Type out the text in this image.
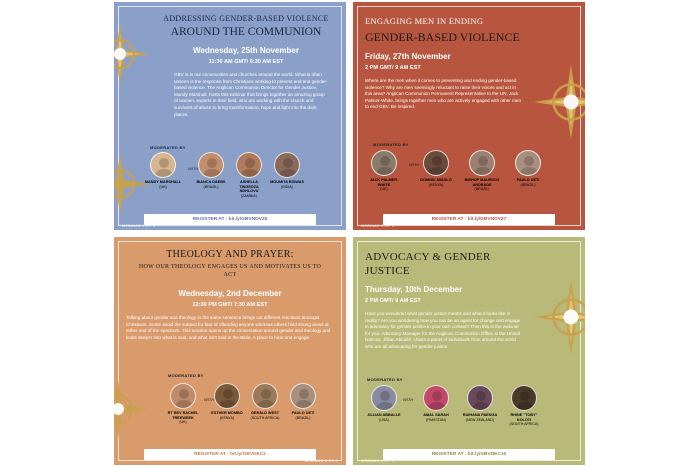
ADDRESSING GENDER-BASED VIOLENCE
AROUND THE COMMUNION
Wednesday, 25th November
11:30 AM GMT/ 6:30 AM EST
GBV is in our communities and churches around the world. What is often unseen is the response from Christians working to prevent and end gender-based violence. The Anglican Communion Director for Gender Justice, Mandy Marshall, hosts this webinar that brings together an amazing group of women, experts in their field, who are working with the church and survivors of abuse to bring transformation, hope and light into the dark places.
MODERATED BY
WITH
MANDY MARSHALL
(UK)
BIANCA DAEBS
(BRAZIL)
ASHELLA TINGEDZA NDHLOVU
(ZAMBIA)
MOUMITA BISWAS
(INDIA)
REGISTER AT : bit.ly/GBVNOV25
WEBINAR 1 OF 4
ENGAGING MEN IN ENDING
GENDER-BASED VIOLENCE
Friday, 27th November
2 PM GMT/ 9 AM EST
Where are the men when it comes to preventing and ending gender-based violence? Why are men seemingly reluctant to raise their voices and act in this area? Anglican Communion Permanent Representative to the UN, Jack Palmer-White, brings together men who are actively engaged with other men to end GBV. Be inspired.
MODERATED BY
WITH
JACK PALMER-WHITE
(UK)
DOMNIC MISOLO
(KENYA)
BISHOP MAURICIO ANDRADE
(BRAZIL)
PAULO UETI
(BRAZIL)
REGISTER AT : bit.ly/GBVNOV27
WEBINAR 2 OF 4
THEOLOGY AND PRAYER:
HOW OUR THEOLOGY ENGAGES US AND MOTIVATES US TO ACT
Wednesday, 2nd December
12:30 PM GMT/ 7:30 AM EST
Talking about gender and theology in the same sentence brings out different reactions amongst Christians. Some avoid the subject for fear of offending anyone whereas others hold strong views at either end of the spectrum. This session opens up the conversation around gender and theology and looks deeper into what is said, and what isn't said in the Bible. A place to hear and engage.
MODERATED BY
WITH
RT REV RACHEL TREEWEEK
(UK)
ESTHER MOMBO
(KENYA)
GERALD WEST
(SOUTH AFRICA)
PAULO UETI
(BRAZIL)
REGISTER AT : bit.ly/GBVDEC2
WEBINAR 3 OF 4
ADVOCACY & GENDER
JUSTICE
Thursday, 10th December
2 PM GMT/ 9 AM EST
Have you wondered what gender justice means and what it looks like in reality? Are you wondering how you can be an agent for change and engage in advocacy for gender justice in your own context? Then this is the webinar for you. Advocacy Manager for the Anglican Communion Office at the United Nations, Jillian Abballe, chairs a panel of individuals from around the world who are all advocating for gender justice.
MODERATED BY
WITH
JILLIAN ABBALLE
(USA)
AMAL SARAH
(PAKISTAN)
RUIHANA PAENGA
(NEW ZEALAND)
RHINE "TOBY" KOLOTI
(SOUTH AFRICA)
REGISTER AT : bit.ly/GBVDEC10
WEBINAR 4 OF 4
